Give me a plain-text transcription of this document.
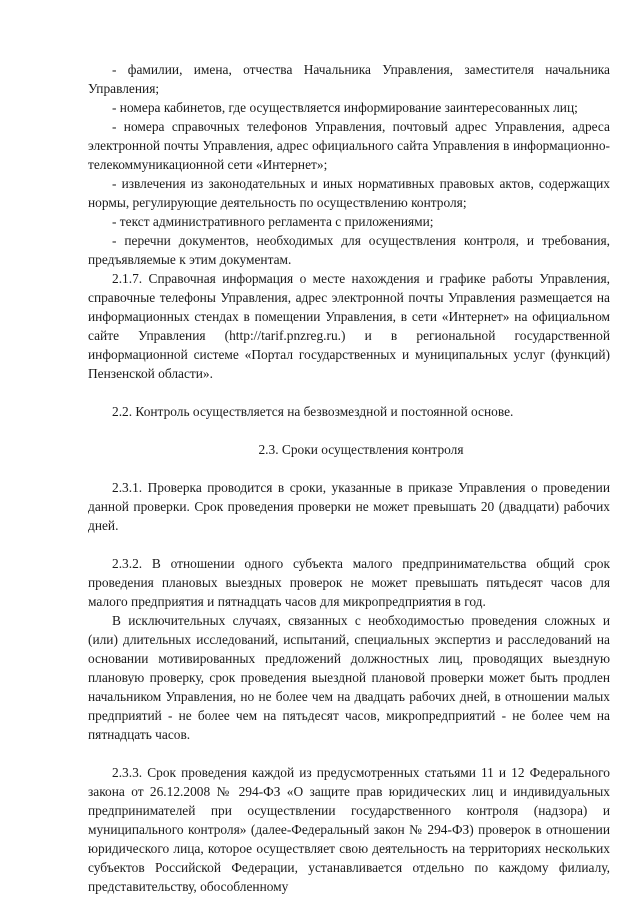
- фамилии, имена, отчества Начальника Управления, заместителя начальника Управления;

- номера кабинетов, где осуществляется информирование заинтересованных лиц;

- номера справочных телефонов Управления, почтовый адрес Управления, адреса электронной почты Управления, адрес официального сайта Управления в информационно-телекоммуникационной сети «Интернет»;

- извлечения из законодательных и иных нормативных правовых актов, содержащих нормы, регулирующие деятельность по осуществлению контроля;

- текст административного регламента с приложениями;

- перечни документов, необходимых для осуществления контроля, и требования, предъявляемые к этим документам.

2.1.7. Справочная информация о месте нахождения и графике работы Управления, справочные телефоны Управления, адрес электронной почты Управления размещается на информационных стендах в помещении Управления, в сети «Интернет» на официальном сайте Управления (http://tarif.pnzreg.ru.) и в региональной государственной информационной системе «Портал государственных и муниципальных услуг (функций) Пензенской области».

2.2. Контроль осуществляется на безвозмездной и постоянной основе.

2.3. Сроки осуществления контроля

2.3.1. Проверка проводится в сроки, указанные в приказе Управления о проведении данной проверки. Срок проведения проверки не может превышать 20 (двадцати) рабочих дней.

2.3.2. В отношении одного субъекта малого предпринимательства общий срок проведения плановых выездных проверок не может превышать пятьдесят часов для малого предприятия и пятнадцать часов для микропредприятия в год.

В исключительных случаях, связанных с необходимостью проведения сложных и (или) длительных исследований, испытаний, специальных экспертиз и расследований на основании мотивированных предложений должностных лиц, проводящих выездную плановую проверку, срок проведения выездной плановой проверки может быть продлен начальником Управления, но не более чем на двадцать рабочих дней, в отношении малых предприятий - не более чем на пятьдесят часов, микропредприятий - не более чем на пятнадцать часов.

2.3.3. Срок проведения каждой из предусмотренных статьями 11 и 12 Федерального закона от 26.12.2008 № 294-ФЗ «О защите прав юридических лиц и индивидуальных предпринимателей при осуществлении государственного контроля (надзора) и муниципального контроля» (далее-Федеральный закон № 294-ФЗ) проверок в отношении юридического лица, которое осуществляет свою деятельность на территориях нескольких субъектов Российской Федерации, устанавливается отдельно по каждому филиалу, представительству, обособленному
